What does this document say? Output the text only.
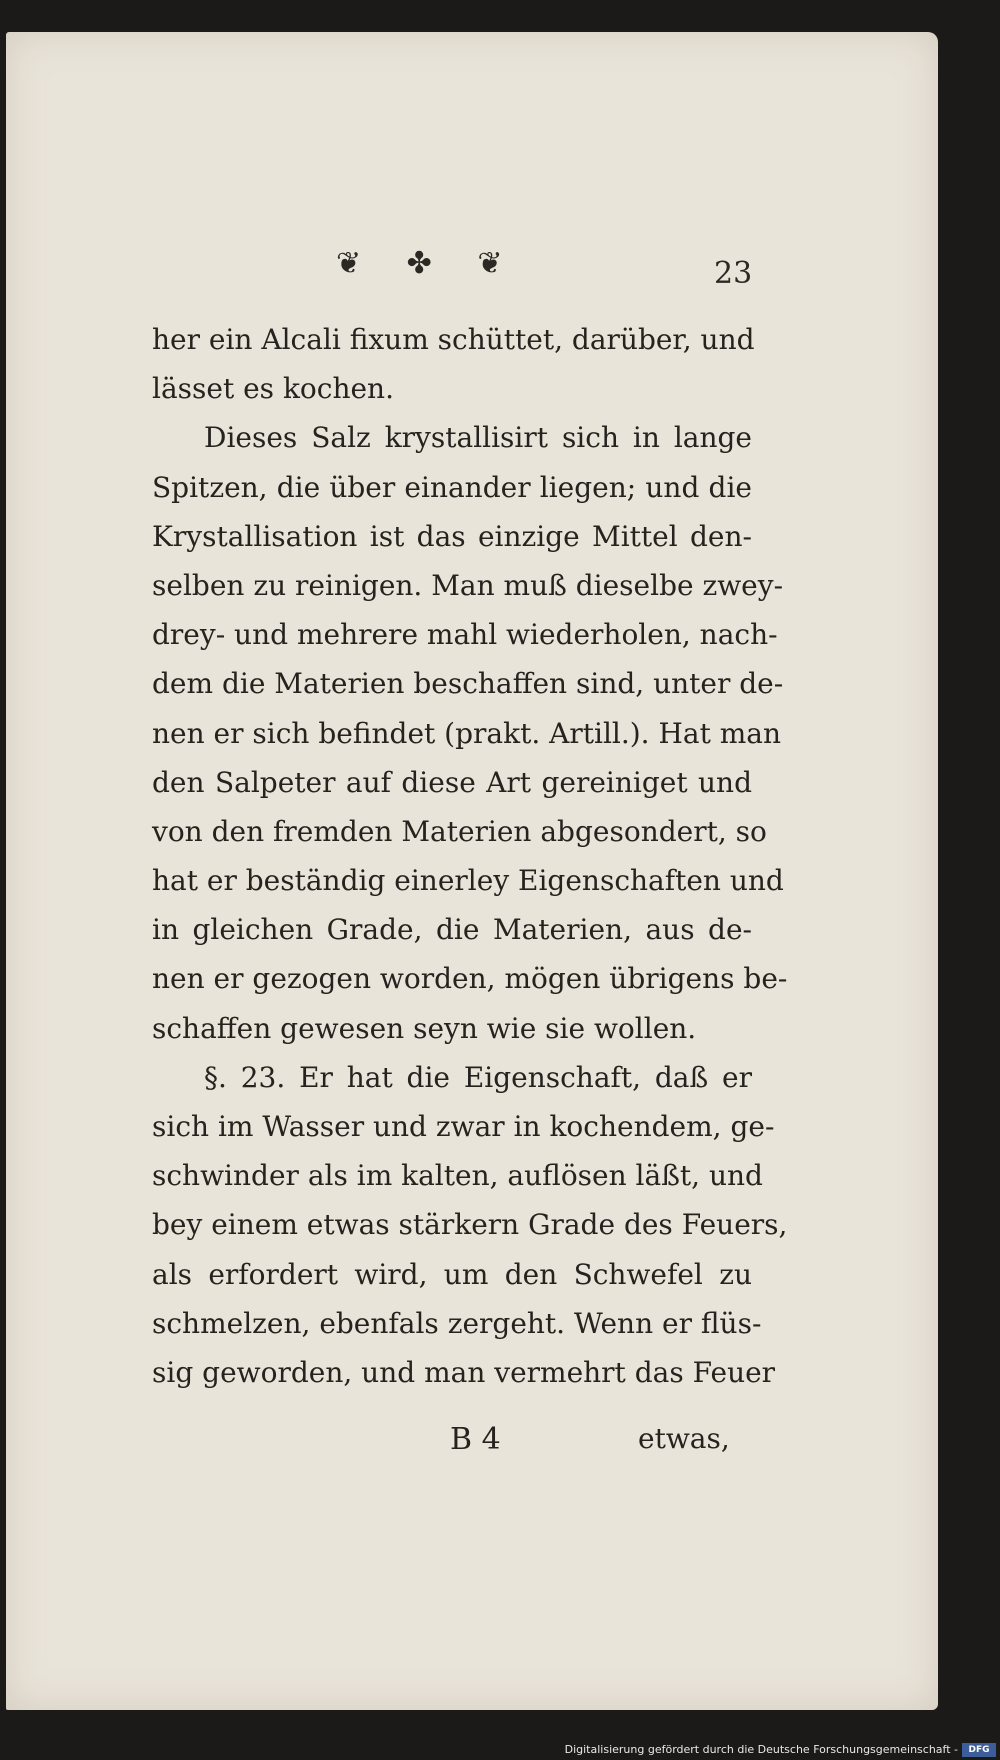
❦ ✤ ❦	23
her ein Alcali fixum schüttet, darüber, und
lässet es kochen.
Dieses Salz krystallisirt sich in lange
Spitzen, die über einander liegen; und die
Krystallisation ist das einzige Mittel den-
selben zu reinigen. Man muß dieselbe zwey-
drey- und mehrere mahl wiederholen, nach-
dem die Materien beschaffen sind, unter de-
nen er sich befindet (prakt. Artill.). Hat man
den Salpeter auf diese Art gereiniget und
von den fremden Materien abgesondert, so
hat er beständig einerley Eigenschaften und
in gleichen Grade, die Materien, aus de-
nen er gezogen worden, mögen übrigens be-
schaffen gewesen seyn wie sie wollen.
§. 23. Er hat die Eigenschaft, daß er
sich im Wasser und zwar in kochendem, ge-
schwinder als im kalten, auflösen läßt, und
bey einem etwas stärkern Grade des Feuers,
als erfordert wird, um den Schwefel zu
schmelzen, ebenfals zergeht. Wenn er flüs-
sig geworden, und man vermehrt das Feuer
B 4	etwas,
Digitalisierung gefördert durch die Deutsche Forschungsgemeinschaft -	DFG
